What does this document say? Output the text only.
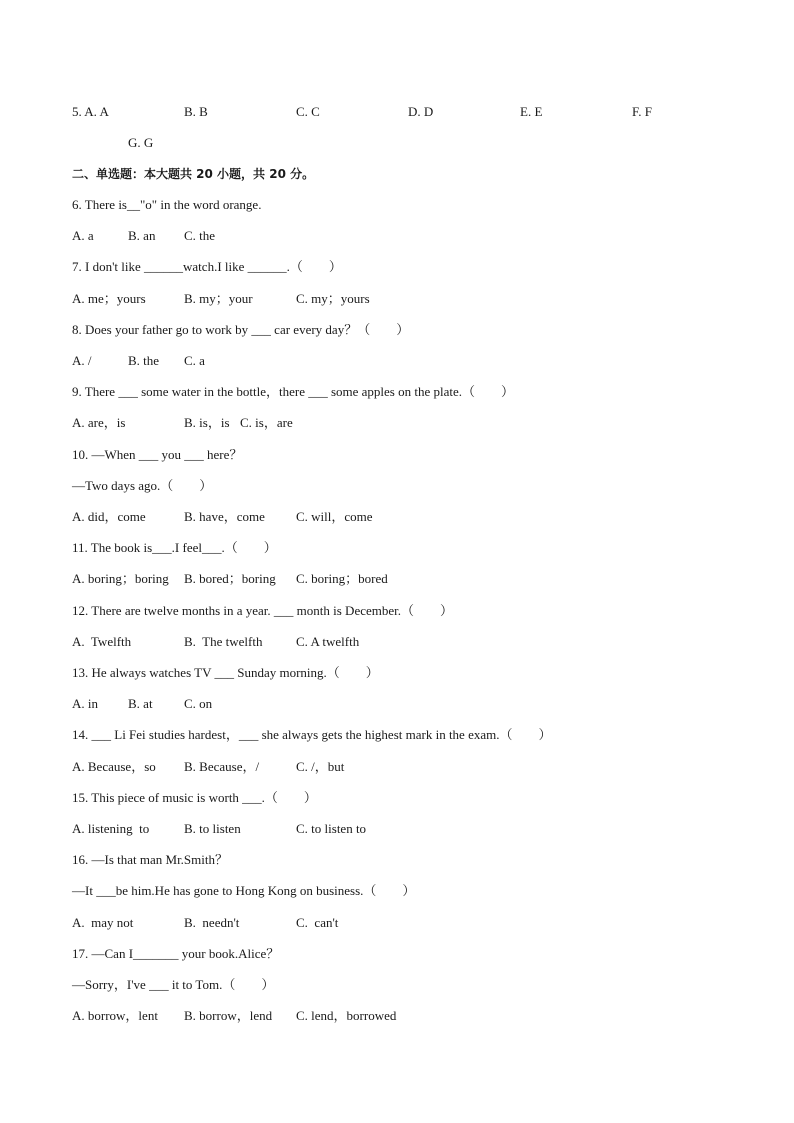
5. A. A

	B. B

	C. C

	D. D

	E. E

	F. F

G. G
二、单选题：本大题共 20 小题，共 20 分。
6. There is__"o" in the word orange.
A. a	B. an C. the
7. I don't like ______watch.I like ______.（        ）
A. me；yours	B. my；your	C. my；yours
8. Does your father go to work by ___ car every day？（        ）
A. /	B. the C. a
9. There ___ some water in the bottle，there ___ some apples on the plate.（        ）
A. are，is	B. is，is C. is，are
10. —When ___ you ___ here？
—Two days ago.（        ）
A. did，come	B. have，come C. will，come
11. The book is___.I feel___.（        ）
A. boring；boring B. bored；boring C. boring；bored
12. There are twelve months in a year. ___ month is December.（        ）
A.  Twelfth	B.  The twelfth	C. A twelfth
13. He always watches TV ___ Sunday morning.（        ）
A. in B. at C. on
14. ___ Li Fei studies hardest，___ she always gets the highest mark in the exam.（        ）
A. Because，so B. Because，/	C. /，but
15. This piece of music is worth ___.（        ）
A. listening  to	B. to listen	C. to listen to
16. —Is that man Mr.Smith？
—It ___be him.He has gone to Hong Kong on business.（        ）
A.  may not	B.  needn't	C.  can't
17. —Can I_______ your book.Alice？
—Sorry，I've ___ it to Tom.（        ）
A. borrow，lent B. borrow，lend C. lend，borrowed
